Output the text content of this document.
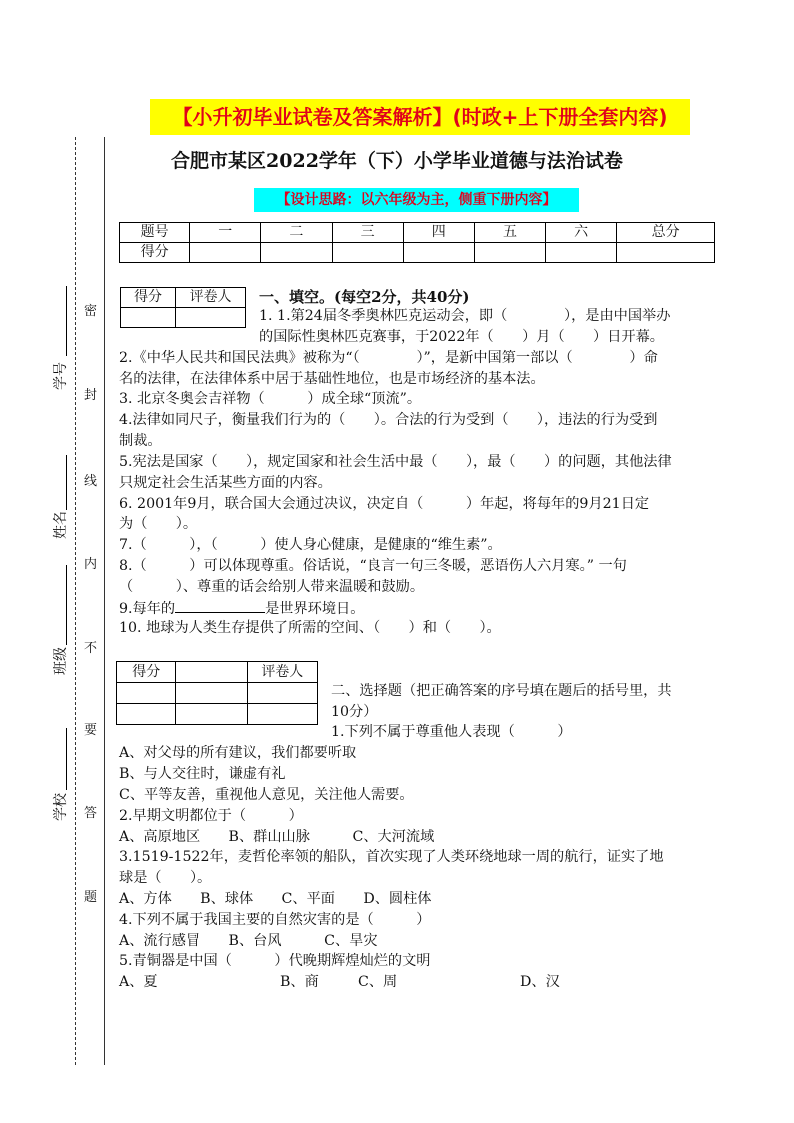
【小升初毕业试卷及答案解析】(时政+上下册全套内容)
合肥市某区2022学年（下）小学毕业道德与法治试卷
【设计思路：以六年级为主，侧重下册内容】
题号	一	二	三	四	五	六	总分
得分							
密
封
线
内
不
要
答
题
学号
姓名
班级
学校
得分	评卷人
	一、填空。(每空2分，共40分)
1. 1.第24届冬季奥林匹克运动会，即（　　　　），是由中国举办
的国际性奥林匹克赛事，于2022年（　　）月（　　）日开幕。
2.《中华人民共和国民法典》被称为“（　　　　）”，是新中国第一部以（　　　　）命
名的法律，在法律体系中居于基础性地位，也是市场经济的基本法。
3. 北京冬奥会吉祥物（　　　）成全球“顶流”。
4.法律如同尺子，衡量我们行为的（　　）。合法的行为受到（　　），违法的行为受到
制裁。
5.宪法是国家（　　），规定国家和社会生活中最（　　），最（　　）的问题，其他法律
只规定社会生活某些方面的内容。
6. 2001年9月，联合国大会通过决议，决定自（　　　）年起，将每年的9月21日定
为（　　）。
7.（　　　），（　　　）使人身心健康，是健康的“维生素”。
8.（　　　）可以体现尊重。俗话说，“良言一句三冬暖，恶语伤人六月寒。” 一句
（　　　）、尊重的话会给别人带来温暖和鼓励。
9.每年的	是世界环境日。
10. 地球为人类生存提供了所需的空间、（　　）和（　　）。
得分		评卷人

二、选择题（把正确答案的序号填在题后的括号里，共
10分）
1.下列不属于尊重他人表现（　　　）
A、对父母的所有建议，我们都要听取
B、与人交往时，谦虚有礼
C、平等友善，重视他人意见，关注他人需要。
2.早期文明都位于（　　　）
A、高原地区　　B、群山山脉　　　C、大河流域
3.1519-1522年，麦哲伦率领的船队，首次实现了人类环绕地球一周的航行，证实了地
球是（　　）。
A、方体　　B、球体　　C、平面　　D、圆柱体
4.下列不属于我国主要的自然灾害的是（　　　）
A、流行感冒　　B、台风　　　C、旱灾
5.青铜器是中国（　　　）代晚期辉煌灿烂的文明
A、夏	B、商	C、周	D、汉
